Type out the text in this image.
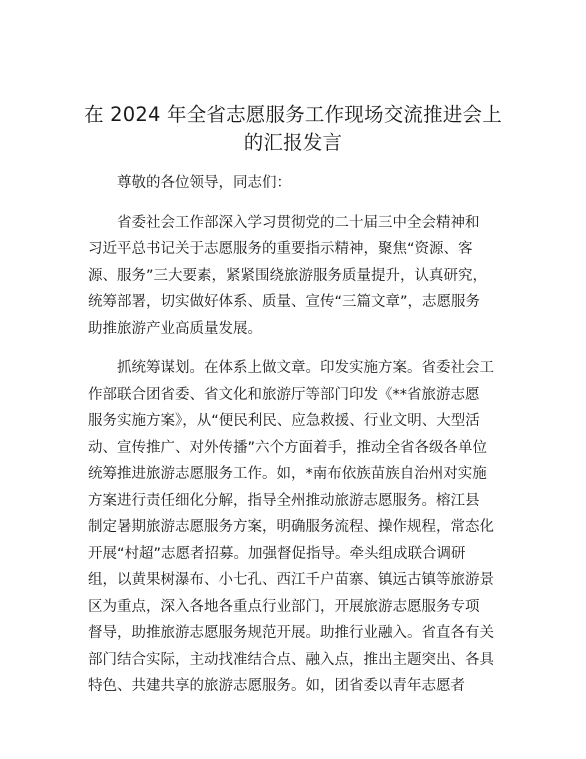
在 2024 年全省志愿服务工作现场交流推进会上
的汇报发言

尊敬的各位领导，同志们：

省委社会工作部深入学习贯彻党的二十届三中全会精神和
习近平总书记关于志愿服务的重要指示精神，聚焦“资源、客
源、服务”三大要素，紧紧围绕旅游服务质量提升，认真研究，
统筹部署，切实做好体系、质量、宣传“三篇文章”，志愿服务
助推旅游产业高质量发展。

抓统筹谋划。在体系上做文章。印发实施方案。省委社会工
作部联合团省委、省文化和旅游厅等部门印发《**省旅游志愿
服务实施方案》，从“便民利民、应急救援、行业文明、大型活
动、宣传推广、对外传播”六个方面着手，推动全省各级各单位
统筹推进旅游志愿服务工作。如，*南布依族苗族自治州对实施
方案进行责任细化分解，指导全州推动旅游志愿服务。榕江县
制定暑期旅游志愿服务方案，明确服务流程、操作规程，常态化
开展“村超”志愿者招募。加强督促指导。牵头组成联合调研
组，以黄果树瀑布、小七孔、西江千户苗寨、镇远古镇等旅游景
区为重点，深入各地各重点行业部门，开展旅游志愿服务专项
督导，助推旅游志愿服务规范开展。助推行业融入。省直各有关
部门结合实际，主动找准结合点、融入点，推出主题突出、各具
特色、共建共享的旅游志愿服务。如，团省委以青年志愿者
